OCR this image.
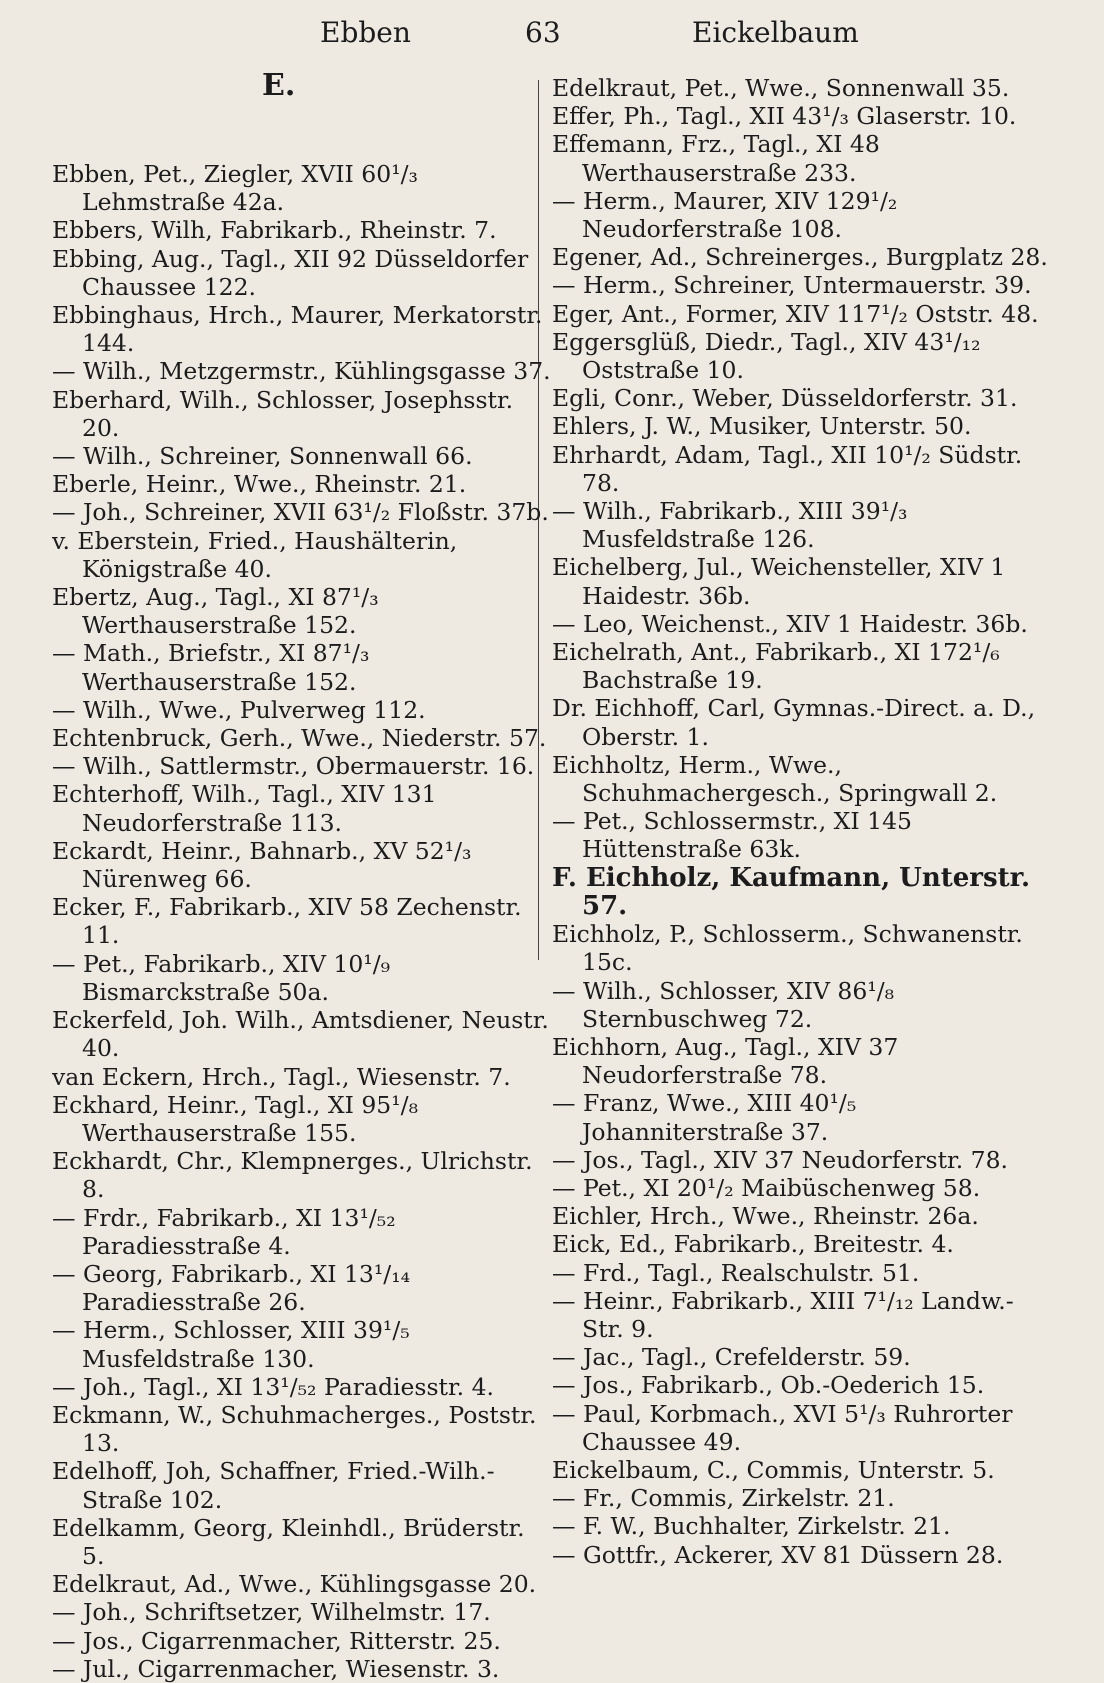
Ebben	63	Eickelbaum
E.
Ebben, Pet., Ziegler, XVII 60¹/₃ Lehmstraße 42a.
Ebbers, Wilh, Fabrikarb., Rheinstr. 7.
Ebbing, Aug., Tagl., XII 92 Düsseldorfer Chaussee 122.
Ebbinghaus, Hrch., Maurer, Merkatorstr. 144.
— Wilh., Metzgermstr., Kühlingsgasse 37.
Eberhard, Wilh., Schlosser, Josephsstr. 20.
— Wilh., Schreiner, Sonnenwall 66.
Eberle, Heinr., Wwe., Rheinstr. 21.
— Joh., Schreiner, XVII 63¹/₂ Floßstr. 37b.
v. Eberstein, Fried., Haushälterin, Königstraße 40.
Ebertz, Aug., Tagl., XI 87¹/₃ Werthauserstraße 152.
— Math., Briefstr., XI 87¹/₃ Werthauserstraße 152.
— Wilh., Wwe., Pulverweg 112.
Echtenbruck, Gerh., Wwe., Niederstr. 57.
— Wilh., Sattlermstr., Obermauerstr. 16.
Echterhoff, Wilh., Tagl., XIV 131 Neudorferstraße 113.
Eckardt, Heinr., Bahnarb., XV 52¹/₃ Nürenweg 66.
Ecker, F., Fabrikarb., XIV 58 Zechenstr. 11.
— Pet., Fabrikarb., XIV 10¹/₉ Bismarckstraße 50a.
Eckerfeld, Joh. Wilh., Amtsdiener, Neustr. 40.
van Eckern, Hrch., Tagl., Wiesenstr. 7.
Eckhard, Heinr., Tagl., XI 95¹/₈ Werthauserstraße 155.
Eckhardt, Chr., Klempnerges., Ulrichstr. 8.
— Frdr., Fabrikarb., XI 13¹/₅₂ Paradiesstraße 4.
— Georg, Fabrikarb., XI 13¹/₁₄ Paradiesstraße 26.
— Herm., Schlosser, XIII 39¹/₅ Musfeldstraße 130.
— Joh., Tagl., XI 13¹/₅₂ Paradiesstr. 4.
Eckmann, W., Schuhmacherges., Poststr. 13.
Edelhoff, Joh, Schaffner, Fried.-Wilh.-Straße 102.
Edelkamm, Georg, Kleinhdl., Brüderstr. 5.
Edelkraut, Ad., Wwe., Kühlingsgasse 20.
— Joh., Schriftsetzer, Wilhelmstr. 17.
— Jos., Cigarrenmacher, Ritterstr. 25.
— Jul., Cigarrenmacher, Wiesenstr. 3.
Edelkraut, Pet., Wwe., Sonnenwall 35.
Effer, Ph., Tagl., XII 43¹/₃ Glaserstr. 10.
Effemann, Frz., Tagl., XI 48 Werthauserstraße 233.
— Herm., Maurer, XIV 129¹/₂ Neudorferstraße 108.
Egener, Ad., Schreinerges., Burgplatz 28.
— Herm., Schreiner, Untermauerstr. 39.
Eger, Ant., Former, XIV 117¹/₂ Oststr. 48.
Eggersglüß, Diedr., Tagl., XIV 43¹/₁₂ Oststraße 10.
Egli, Conr., Weber, Düsseldorferstr. 31.
Ehlers, J. W., Musiker, Unterstr. 50.
Ehrhardt, Adam, Tagl., XII 10¹/₂ Südstr. 78.
— Wilh., Fabrikarb., XIII 39¹/₃ Musfeldstraße 126.
Eichelberg, Jul., Weichensteller, XIV 1 Haidestr. 36b.
— Leo, Weichenst., XIV 1 Haidestr. 36b.
Eichelrath, Ant., Fabrikarb., XI 172¹/₆ Bachstraße 19.
Dr. Eichhoff, Carl, Gymnas.-Direct. a. D., Oberstr. 1.
Eichholtz, Herm., Wwe., Schuhmachergesch., Springwall 2.
— Pet., Schlossermstr., XI 145 Hüttenstraße 63k.
F. Eichholz, Kaufmann, Unterstr. 57.
Eichholz, P., Schlosserm., Schwanenstr. 15c.
— Wilh., Schlosser, XIV 86¹/₈ Sternbuschweg 72.
Eichhorn, Aug., Tagl., XIV 37 Neudorferstraße 78.
— Franz, Wwe., XIII 40¹/₅ Johanniterstraße 37.
— Jos., Tagl., XIV 37 Neudorferstr. 78.
— Pet., XI 20¹/₂ Maibüschenweg 58.
Eichler, Hrch., Wwe., Rheinstr. 26a.
Eick, Ed., Fabrikarb., Breitestr. 4.
— Frd., Tagl., Realschulstr. 51.
— Heinr., Fabrikarb., XIII 7¹/₁₂ Landw.-Str. 9.
— Jac., Tagl., Crefelderstr. 59.
— Jos., Fabrikarb., Ob.-Oederich 15.
— Paul, Korbmach., XVI 5¹/₃ Ruhrorter Chaussee 49.
Eickelbaum, C., Commis, Unterstr. 5.
— Fr., Commis, Zirkelstr. 21.
— F. W., Buchhalter, Zirkelstr. 21.
— Gottfr., Ackerer, XV 81 Düssern 28.
